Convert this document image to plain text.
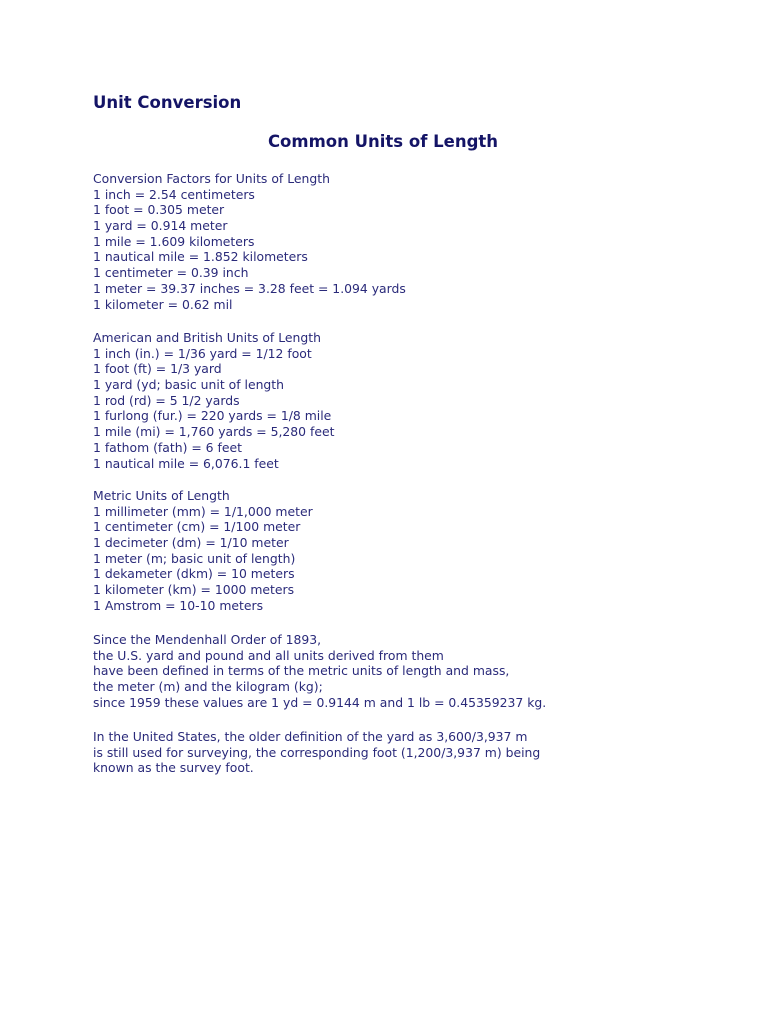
Unit Conversion
Common Units of Length
Conversion Factors for Units of Length
1 inch = 2.54 centimeters
1 foot = 0.305 meter
1 yard = 0.914 meter
1 mile = 1.609 kilometers
1 nautical mile = 1.852 kilometers
1 centimeter = 0.39 inch
1 meter = 39.37 inches = 3.28 feet = 1.094 yards
1 kilometer = 0.62 mil
American and British Units of Length
1 inch (in.) = 1/36 yard = 1/12 foot
1 foot (ft) = 1/3 yard
1 yard (yd; basic unit of length
1 rod (rd) = 5 1/2 yards
1 furlong (fur.) = 220 yards = 1/8 mile
1 mile (mi) = 1,760 yards = 5,280 feet
1 fathom (fath) = 6 feet
1 nautical mile = 6,076.1 feet
Metric Units of Length
1 millimeter (mm) = 1/1,000 meter
1 centimeter (cm) = 1/100 meter
1 decimeter (dm) = 1/10 meter
1 meter (m; basic unit of length)
1 dekameter (dkm) = 10 meters
1 kilometer (km) = 1000 meters
1 Amstrom = 10-10 meters
Since the Mendenhall Order of 1893,
the U.S. yard and pound and all units derived from them
have been defined in terms of the metric units of length and mass,
the meter (m) and the kilogram (kg);
since 1959 these values are 1 yd = 0.9144 m and 1 lb = 0.45359237 kg.
In the United States, the older definition of the yard as 3,600/3,937 m
is still used for surveying, the corresponding foot (1,200/3,937 m) being
known as the survey foot.
